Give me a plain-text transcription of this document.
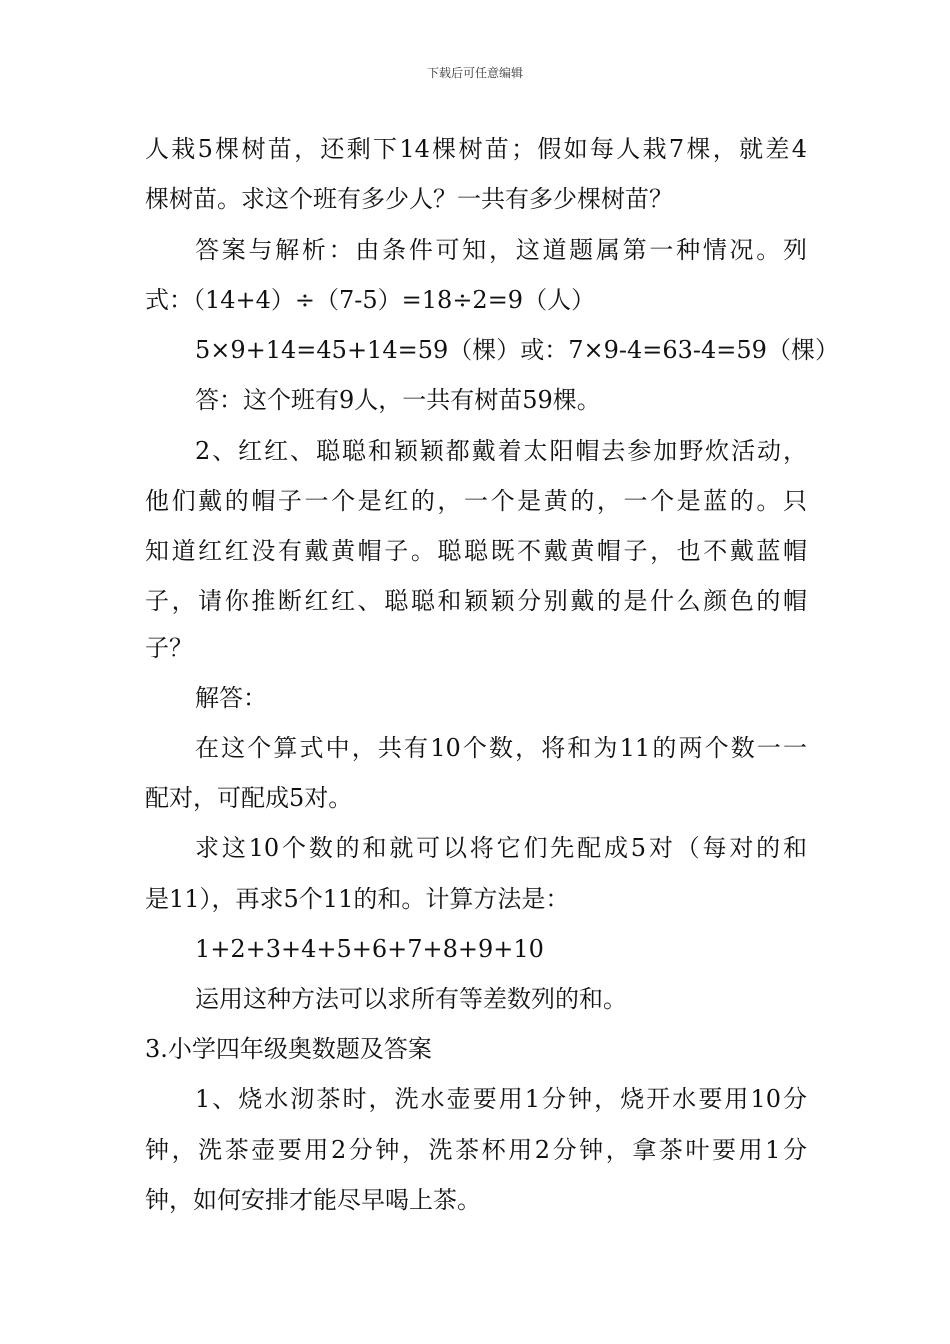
下载后可任意编辑
人栽5棵树苗，还剩下14棵树苗；假如每人栽7棵，就差4
棵树苗。求这个班有多少人？一共有多少棵树苗？
答案与解析：由条件可知，这道题属第一种情况。列
式：（14+4）÷（7-5）=18÷2=9（人）
5×9+14=45+14=59（棵）或：7×9-4=63-4=59（棵）
答：这个班有9人，一共有树苗59棵。
2、红红、聪聪和颖颖都戴着太阳帽去参加野炊活动，
他们戴的帽子一个是红的，一个是黄的，一个是蓝的。只
知道红红没有戴黄帽子。聪聪既不戴黄帽子，也不戴蓝帽
子，请你推断红红、聪聪和颖颖分别戴的是什么颜色的帽
子？
解答：
在这个算式中，共有10个数，将和为11的两个数一一
配对，可配成5对。
求这10个数的和就可以将它们先配成5对（每对的和
是11），再求5个11的和。计算方法是：
1+2+3+4+5+6+7+8+9+10
运用这种方法可以求所有等差数列的和。
3.小学四年级奥数题及答案
1、烧水沏茶时，洗水壶要用1分钟，烧开水要用10分
钟，洗茶壶要用2分钟，洗茶杯用2分钟，拿茶叶要用1分
钟，如何安排才能尽早喝上茶。
